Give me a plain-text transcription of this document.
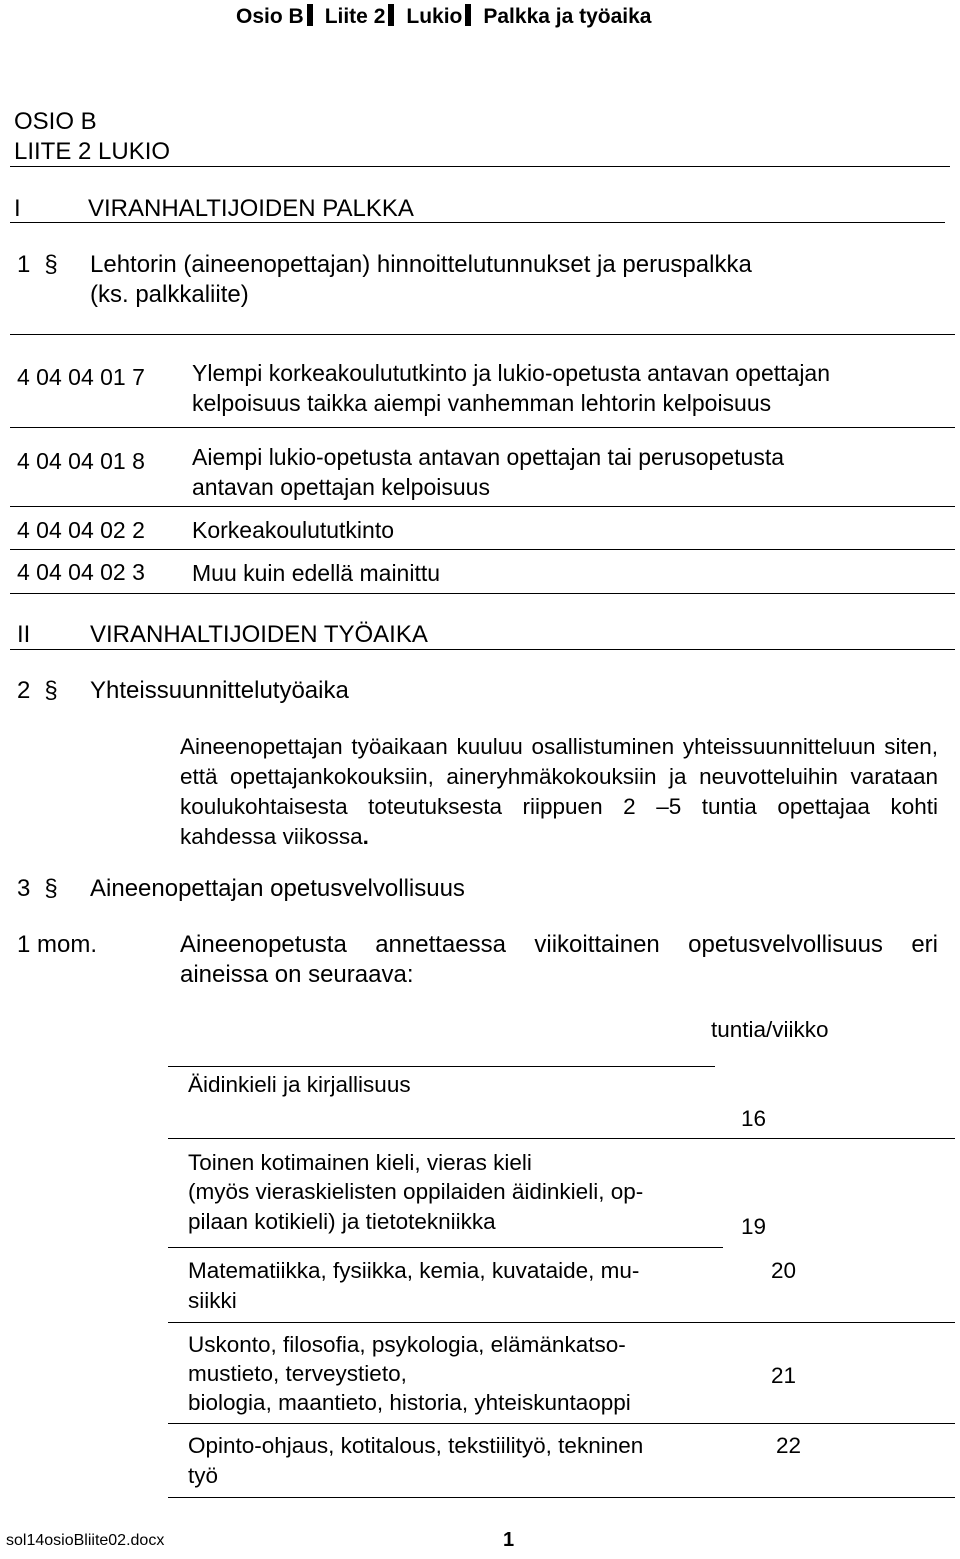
Osio B Liite 2 Lukio Palkka ja työaika
OSIO B
LIITE 2 LUKIO
I	VIRANHALTIJOIDEN PALKKA
1 § Lehtorin (aineenopettajan) hinnoittelutunnukset ja peruspalkka
(ks. palkkaliite)
4 04 04 01 7 Ylempi korkeakoulututkinto ja lukio-opetusta antavan opettajan
kelpoisuus taikka aiempi vanhemman lehtorin kelpoisuus
4 04 04 01 8 Aiempi lukio-opetusta antavan opettajan tai perusopetusta
antavan opettajan kelpoisuus
4 04 04 02 2 Korkeakoulututkinto
4 04 04 02 3 Muu kuin edellä mainittu
II VIRANHALTIJOIDEN TYÖAIKA
2 § Yhteissuunnittelutyöaika
Aineenopettajan työaikaan kuuluu osallistuminen yhteissuunnitteluun siten, että opettajankokouksiin, aineryhmäkokouksiin ja neuvotteluihin varataan koulukohtaisesta toteutuksesta riippuen 2 –5 tuntia opettajaa kohti kahdessa viikossa.
3 § Aineenopettajan opetusvelvollisuus
1 mom.	Aineenopetusta annettaessa viikoittainen opetusvelvollisuus eri
aineissa on seuraava:
tuntia/viikko
Äidinkieli ja kirjallisuus
16
Toinen kotimainen kieli, vieras kieli
(myös vieraskielisten oppilaiden äidinkieli, op-
pilaan kotikieli) ja tietotekniikka	19
Matematiikka, fysiikka, kemia, kuvataide, mu-
siikki
20
Uskonto, filosofia, psykologia, elämänkatso-
mustieto, terveystieto,
biologia, maantieto, historia, yhteiskuntaoppi
21
Opinto-ohjaus, kotitalous, tekstiilityö, tekninen
työ
22
sol14osioBliite02.docx	1
